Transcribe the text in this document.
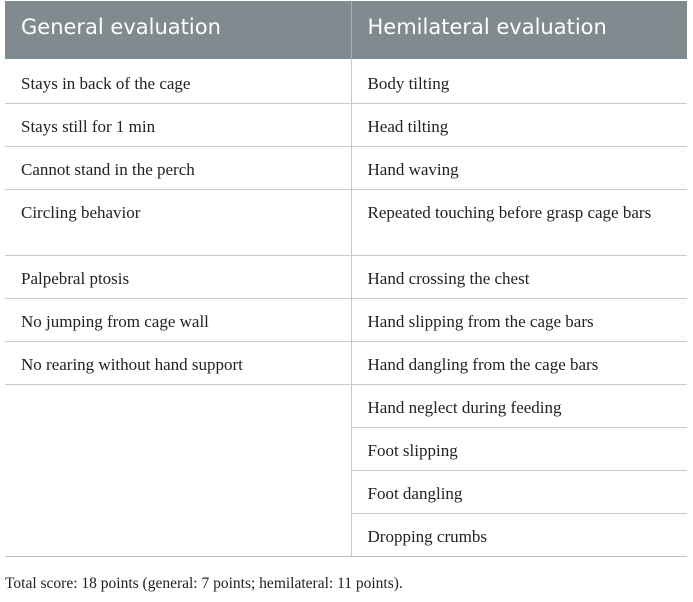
General evaluation	Hemilateral evaluation
Stays in back of the cage	Body tilting
Stays still for 1 min	Head tilting
Cannot stand in the perch	Hand waving
Circling behavior	Repeated touching before grasp cage bars
Palpebral ptosis	Hand crossing the chest
No jumping from cage wall	Hand slipping from the cage bars
No rearing without hand support	Hand dangling from the cage bars
	Hand neglect during feeding
	Foot slipping
	Foot dangling
	Dropping crumbs
Total score: 18 points (general: 7 points; hemilateral: 11 points).
